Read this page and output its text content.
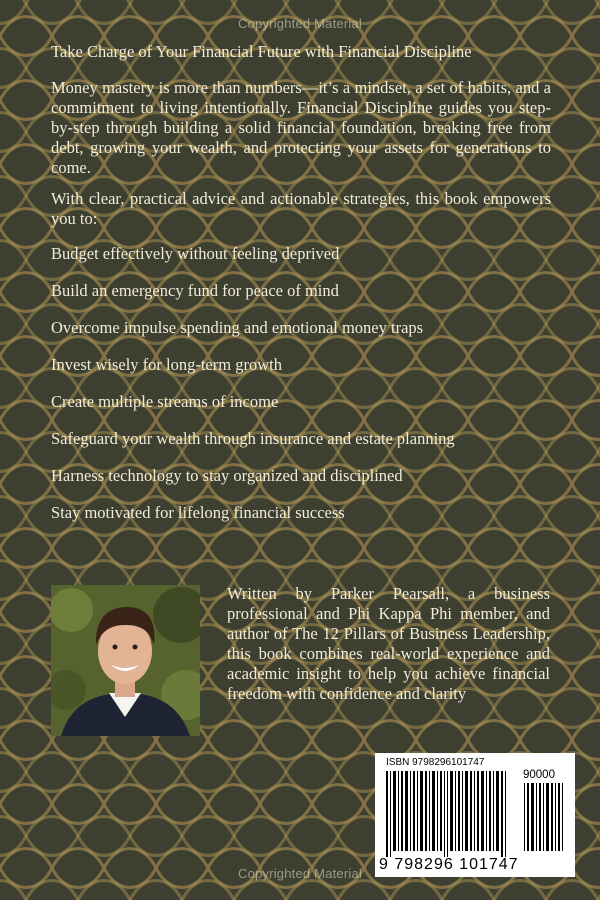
Copyrighted Material
Take Charge of Your Financial Future with Financial Discipline
Money mastery is more than numbers—it’s a mindset, a set of habits, and a commitment to living intentionally. Financial Discipline guides you step-by-step through building a solid financial foundation, breaking free from debt, growing your wealth, and protecting your assets for generations to come.
With clear, practical advice and actionable strategies, this book empowers you to:
Budget effectively without feeling deprived
Build an emergency fund for peace of mind
Overcome impulse spending and emotional money traps
Invest wisely for long-term growth
Create multiple streams of income
Safeguard your wealth through insurance and estate planning
Harness technology to stay organized and disciplined
Stay motivated for lifelong financial success
Written by Parker Pearsall, a business professional and Phi Kappa Phi member, and author of The 12 Pillars of Business Leadership, this book combines real-world experience and academic insight to help you achieve financial freedom with confidence and clarity
ISBN 9798296101747
90000
9 798296 101747
Copyrighted Material
